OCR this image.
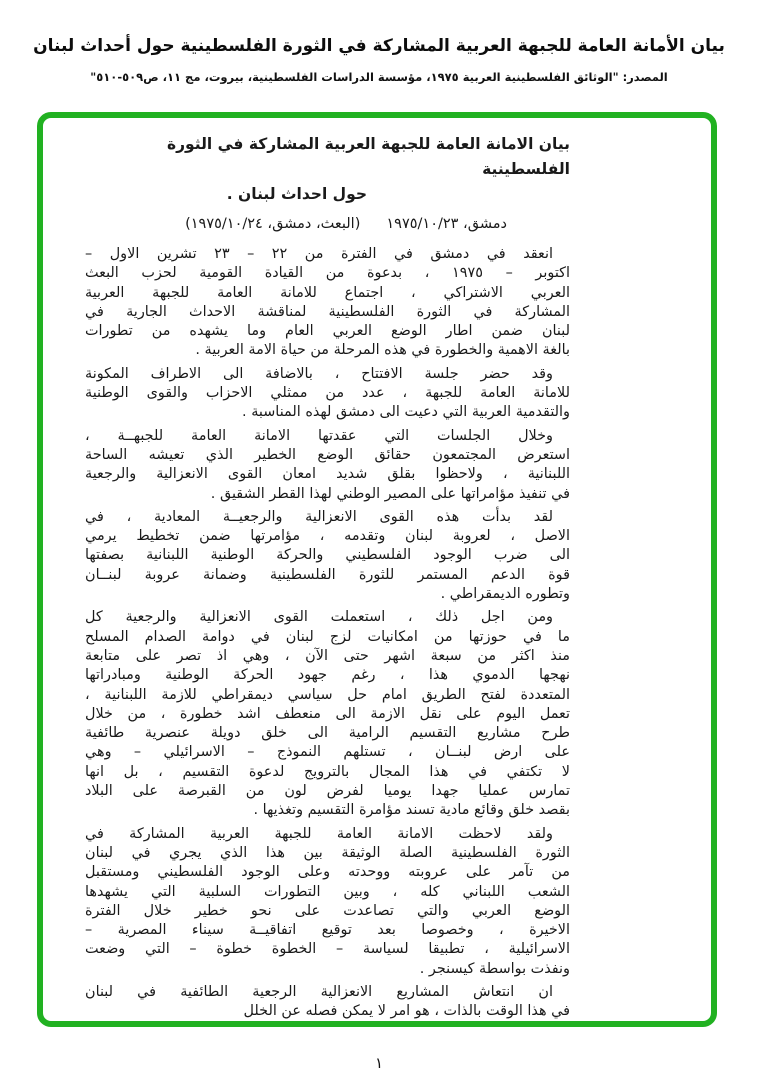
بيان الأمانة العامة للجبهة العربية المشاركة في الثورة الفلسطينية حول أحداث لبنان
المصدر: "الوثائق الفلسطينية العربية ١٩٧٥، مؤسسة الدراسات الفلسطينية، بيروت، مج ١١، ص٥٠٩-٥١٠"
بيان الامانة العامة للجبهة العربية المشاركة في الثورة الفلسطينية
حول احداث لبنان .
دمشق، ١٩٧٥/١٠/٢٣(البعث، دمشق، ١٩٧٥/١٠/٢٤)

انعقد في دمشق في الفترة من ٢٢ – ٢٣ تشرين الاول –
اكتوبر – ١٩٧٥ ، بدعوة من القيادة القومية لحزب البعث
العربي الاشتراكي ، اجتماع للامانة العامة للجبهة العربية
المشاركة في الثورة الفلسطينية لمناقشة الاحداث الجارية في
لبنان ضمن اطار الوضع العربي العام وما يشهده من تطورات
بالغة الاهمية والخطورة في هذه المرحلة من حياة الامة العربية .

وقد حضر جلسة الافتتاح ، بالاضافة الى الاطراف المكونة
للامانة العامة للجبهة ، عدد من ممثلي الاحزاب والقوى الوطنية
والتقدمية العربية التي دعيت الى دمشق لهذه المناسبة .

وخلال الجلسات التي عقدتها الامانة العامة للجبهــة ،
استعرض المجتمعون حقائق الوضع الخطير الذي تعيشه الساحة
اللبنانية ، ولاحظوا بقلق شديد امعان القوى الانعزالية والرجعية
في تنفيذ مؤامراتها على المصير الوطني لهذا القطر الشقيق .

لقد بدأت هذه القوى الانعزالية والرجعيــة المعادية ، في
الاصل ، لعروبة لبنان وتقدمه ، مؤامرتها ضمن تخطيط يرمي
الى ضرب الوجود الفلسطيني والحركة الوطنية اللبنانية بصفتها
قوة الدعم المستمر للثورة الفلسطينية وضمانة عروبة لبنــان
وتطوره الديمقراطي .

ومن اجل ذلك ، استعملت القوى الانعزالية والرجعية كل
ما في حوزتها من امكانيات لزج لبنان في دوامة الصدام المسلح
منذ اكثر من سبعة اشهر حتى الآن ، وهي اذ تصر على متابعة
نهجها الدموي هذا ، رغم جهود الحركة الوطنية ومبادراتها
المتعددة لفتح الطريق امام حل سياسي ديمقراطي للازمة اللبنانية ،
تعمل اليوم على نقل الازمة الى منعطف اشد خطورة ، من خلال
طرح مشاريع التقسيم الرامية الى خلق دويلة عنصرية طائفية
على ارض لبنــان ، تستلهم النموذج – الاسرائيلي – وهي
لا تكتفي في هذا المجال بالترويج لدعوة التقسيم ، بل انها
تمارس عمليا جهدا يوميا لفرض لون من القبرصة على البلاد
بقصد خلق وقائع مادية تسند مؤامرة التقسيم وتغذيها .

ولقد لاحظت الامانة العامة للجبهة العربية المشاركة في
الثورة الفلسطينية الصلة الوثيقة بين هذا الذي يجري في لبنان
من تآمر على عروبته ووحدته وعلى الوجود الفلسطيني ومستقبل
الشعب اللبناني كله ، وبين التطورات السلبية التي يشهدها
الوضع العربي والتي تصاعدت على نحو خطير خلال الفترة
الاخيرة ، وخصوصا بعد توقيع اتفاقيــة سيناء المصرية –
الاسرائيلية ، تطبيقا لسياسة – الخطوة خطوة – التي وضعت
ونفذت بواسطة كيسنجر .

ان انتعاش المشاريع الانعزالية الرجعية الطائفية في لبنان
في هذا الوقت بالذات ، هو امر لا يمكن فصله عن الخلل

١
